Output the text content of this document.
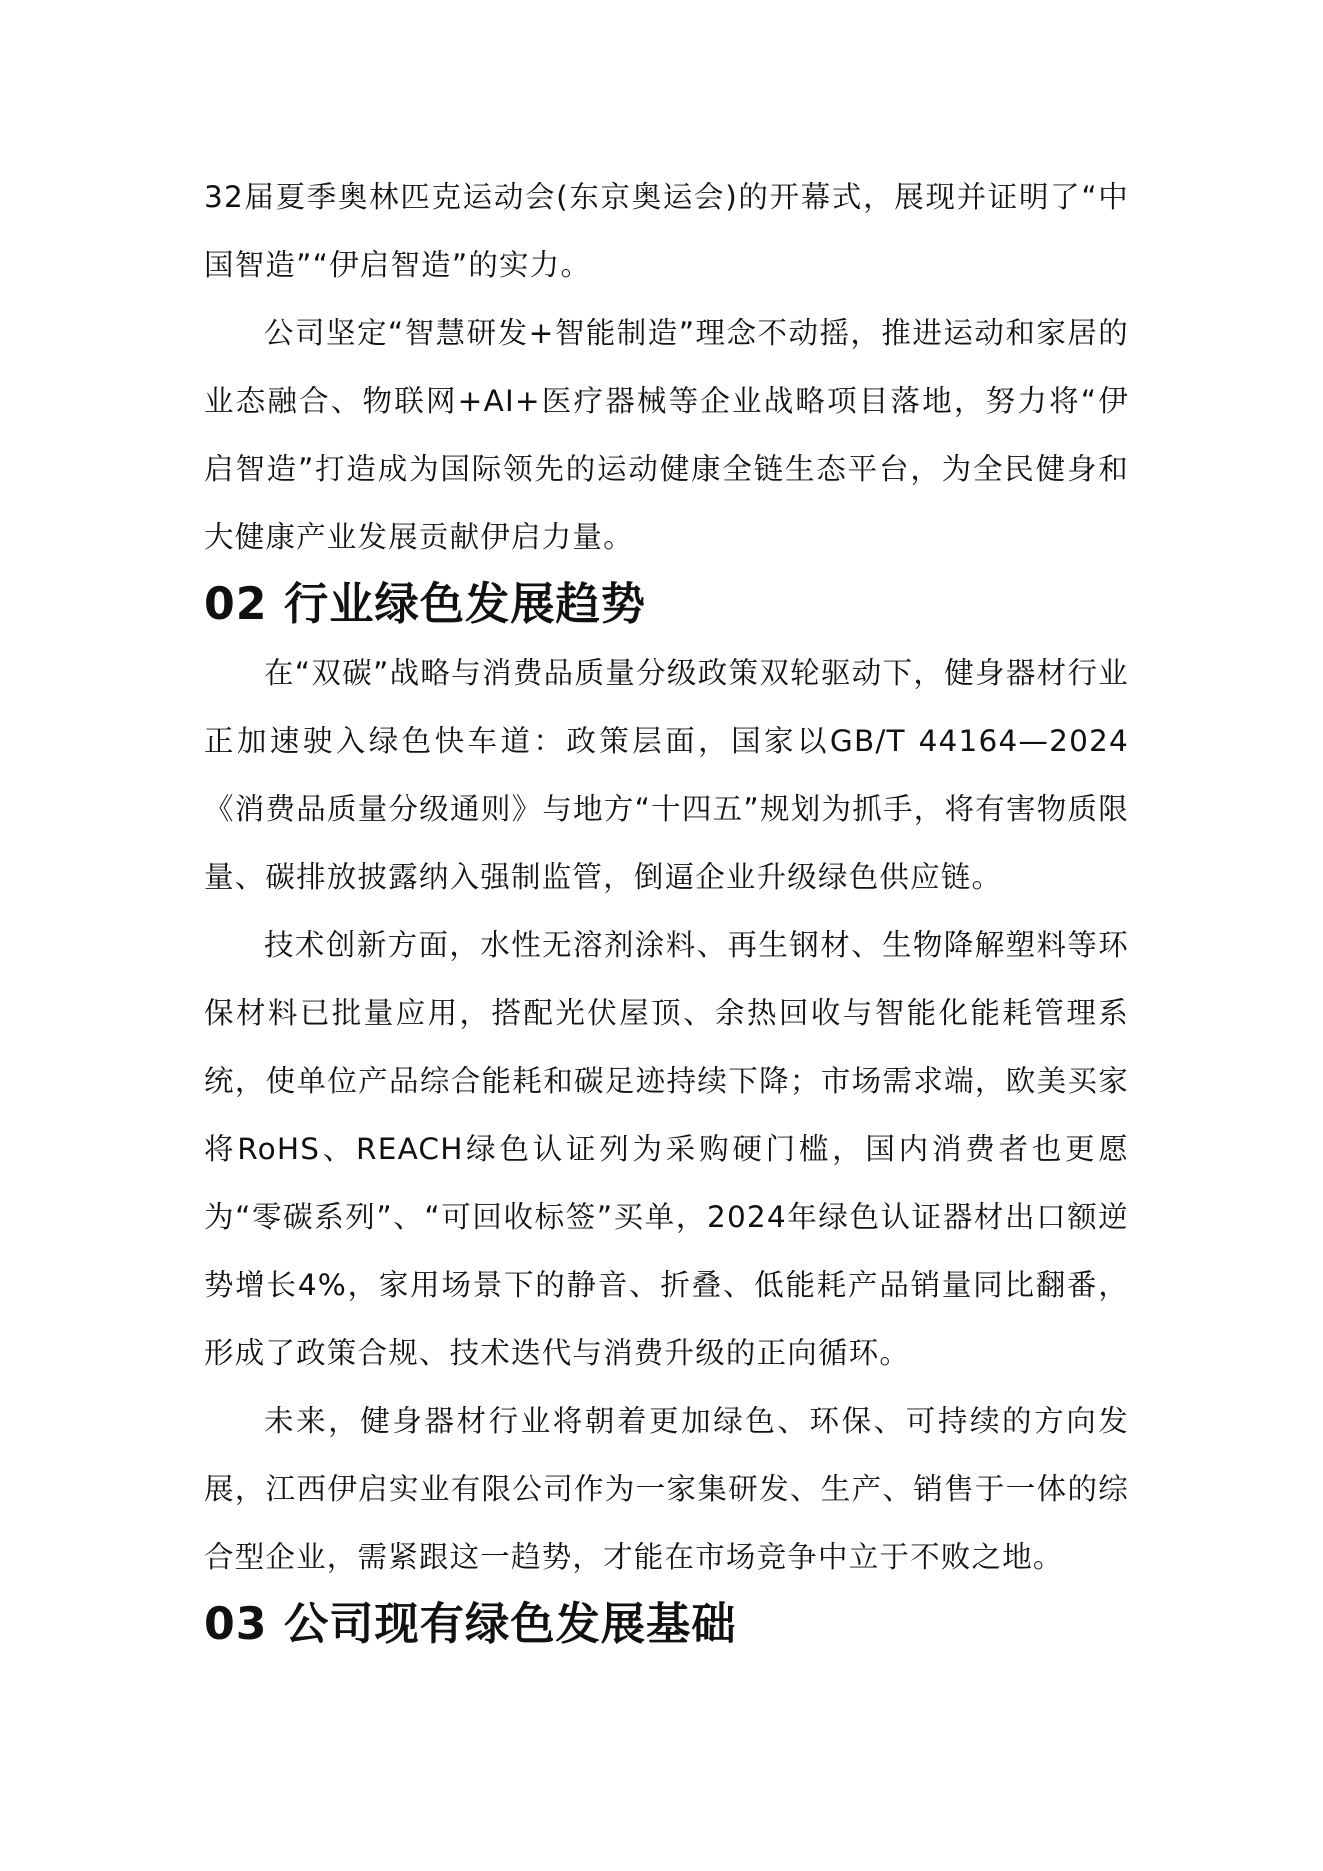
32届夏季奥林匹克运动会(东京奥运会)的开幕式，展现并证明了“中国智造”“伊启智造”的实力。

公司坚定“智慧研发+智能制造”理念不动摇，推进运动和家居的业态融合、物联网+AI+医疗器械等企业战略项目落地，努力将“伊启智造”打造成为国际领先的运动健康全链生态平台，为全民健身和大健康产业发展贡献伊启力量。

02 行业绿色发展趋势

在“双碳”战略与消费品质量分级政策双轮驱动下，健身器材行业正加速驶入绿色快车道：政策层面，国家以GB/T 44164—2024《消费品质量分级通则》与地方“十四五”规划为抓手，将有害物质限量、碳排放披露纳入强制监管，倒逼企业升级绿色供应链。

技术创新方面，水性无溶剂涂料、再生钢材、生物降解塑料等环保材料已批量应用，搭配光伏屋顶、余热回收与智能化能耗管理系统，使单位产品综合能耗和碳足迹持续下降；市场需求端，欧美买家将RoHS、REACH绿色认证列为采购硬门槛，国内消费者也更愿为“零碳系列”、“可回收标签”买单，2024年绿色认证器材出口额逆势增长4%，家用场景下的静音、折叠、低能耗产品销量同比翻番，形成了政策合规、技术迭代与消费升级的正向循环。

未来，健身器材行业将朝着更加绿色、环保、可持续的方向发展，江西伊启实业有限公司作为一家集研发、生产、销售于一体的综合型企业，需紧跟这一趋势，才能在市场竞争中立于不败之地。

03 公司现有绿色发展基础
